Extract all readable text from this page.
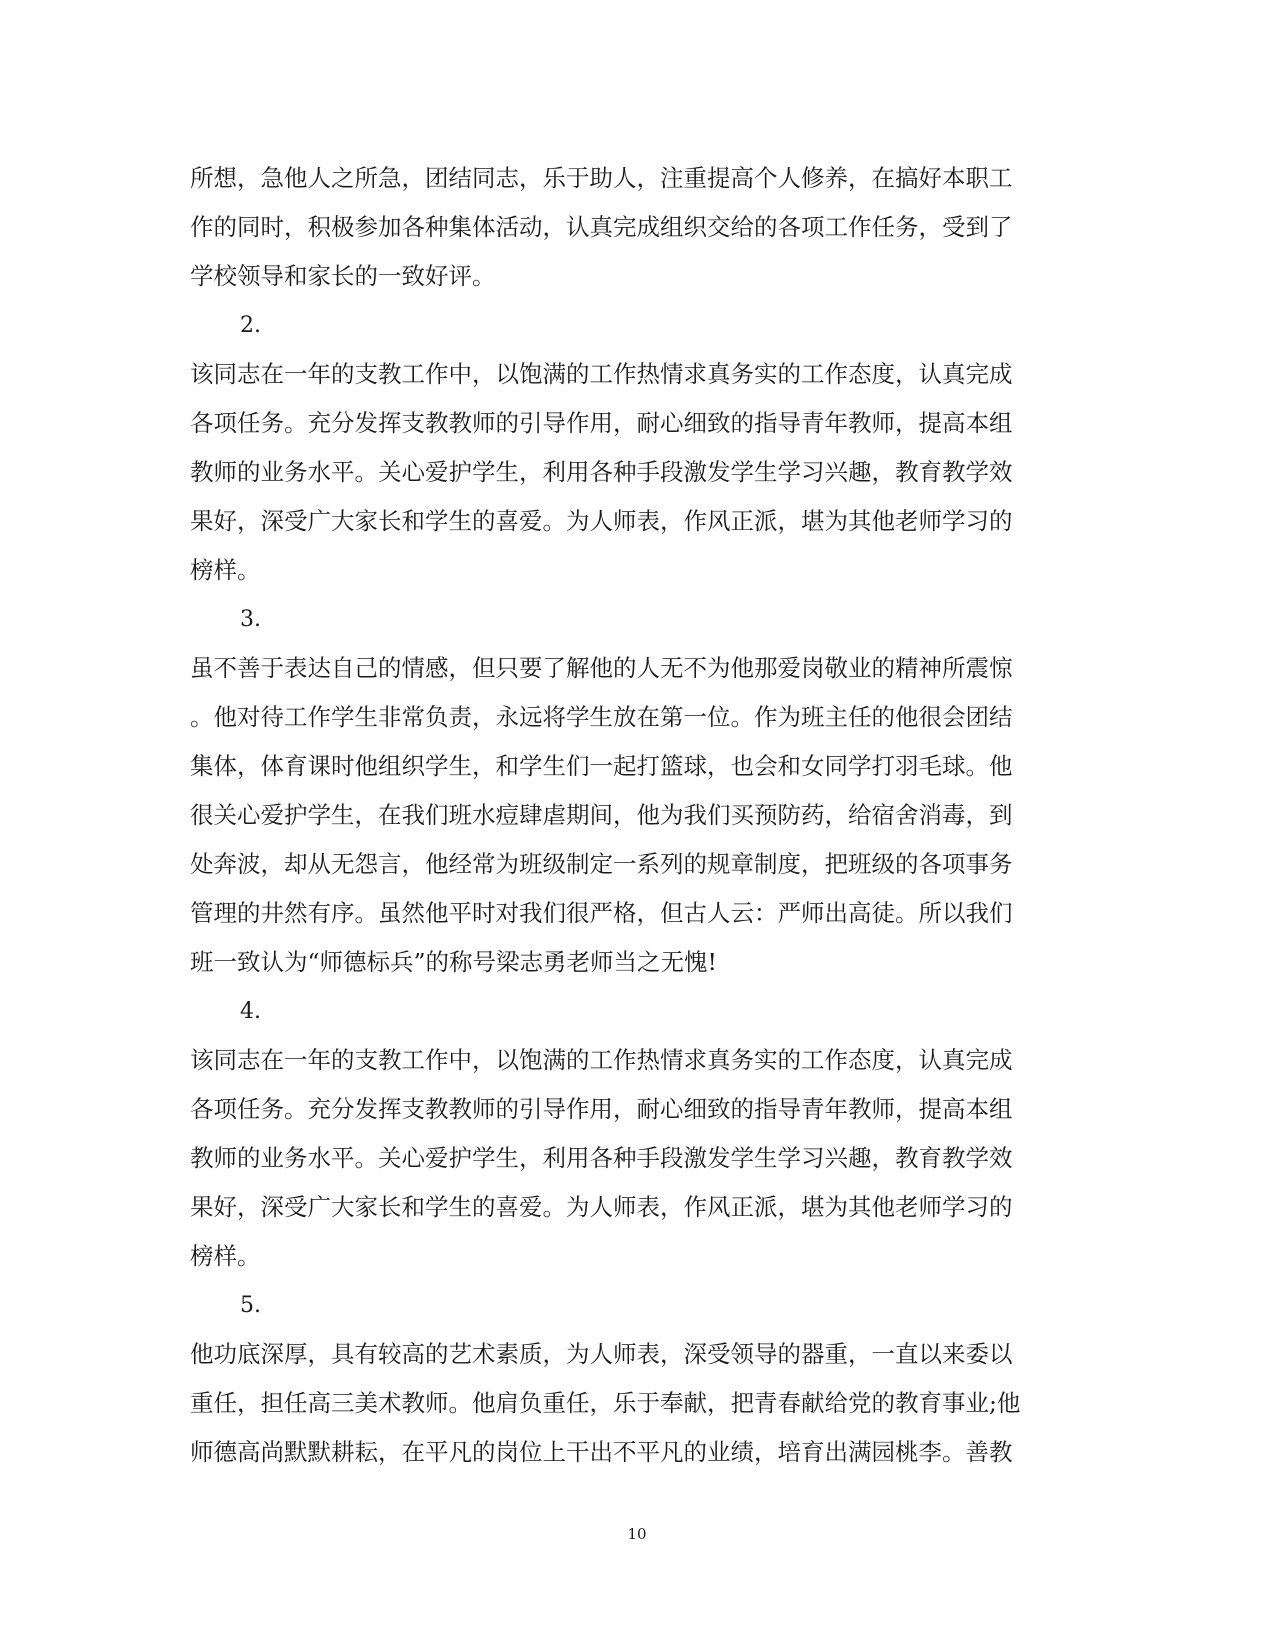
所想，急他人之所急，团结同志，乐于助人，注重提高个人修养，在搞好本职工
作的同时，积极参加各种集体活动，认真完成组织交给的各项工作任务，受到了
学校领导和家长的一致好评。
2.
该同志在一年的支教工作中，以饱满的工作热情求真务实的工作态度，认真完成
各项任务。充分发挥支教教师的引导作用，耐心细致的指导青年教师，提高本组
教师的业务水平。关心爱护学生，利用各种手段激发学生学习兴趣，教育教学效
果好，深受广大家长和学生的喜爱。为人师表，作风正派，堪为其他老师学习的
榜样。
3.
虽不善于表达自己的情感，但只要了解他的人无不为他那爱岗敬业的精神所震惊
。他对待工作学生非常负责，永远将学生放在第一位。作为班主任的他很会团结
集体，体育课时他组织学生，和学生们一起打篮球，也会和女同学打羽毛球。他
很关心爱护学生，在我们班水痘肆虐期间，他为我们买预防药，给宿舍消毒，到
处奔波，却从无怨言，他经常为班级制定一系列的规章制度，把班级的各项事务
管理的井然有序。虽然他平时对我们很严格，但古人云：严师出高徒。所以我们
班一致认为“师德标兵”的称号梁志勇老师当之无愧!
4.
该同志在一年的支教工作中，以饱满的工作热情求真务实的工作态度，认真完成
各项任务。充分发挥支教教师的引导作用，耐心细致的指导青年教师，提高本组
教师的业务水平。关心爱护学生，利用各种手段激发学生学习兴趣，教育教学效
果好，深受广大家长和学生的喜爱。为人师表，作风正派，堪为其他老师学习的
榜样。
5.
他功底深厚，具有较高的艺术素质，为人师表，深受领导的器重，一直以来委以
重任，担任高三美术教师。他肩负重任，乐于奉献，把青春献给党的教育事业;他
师德高尚默默耕耘，在平凡的岗位上干出不平凡的业绩，培育出满园桃李。善教
10
